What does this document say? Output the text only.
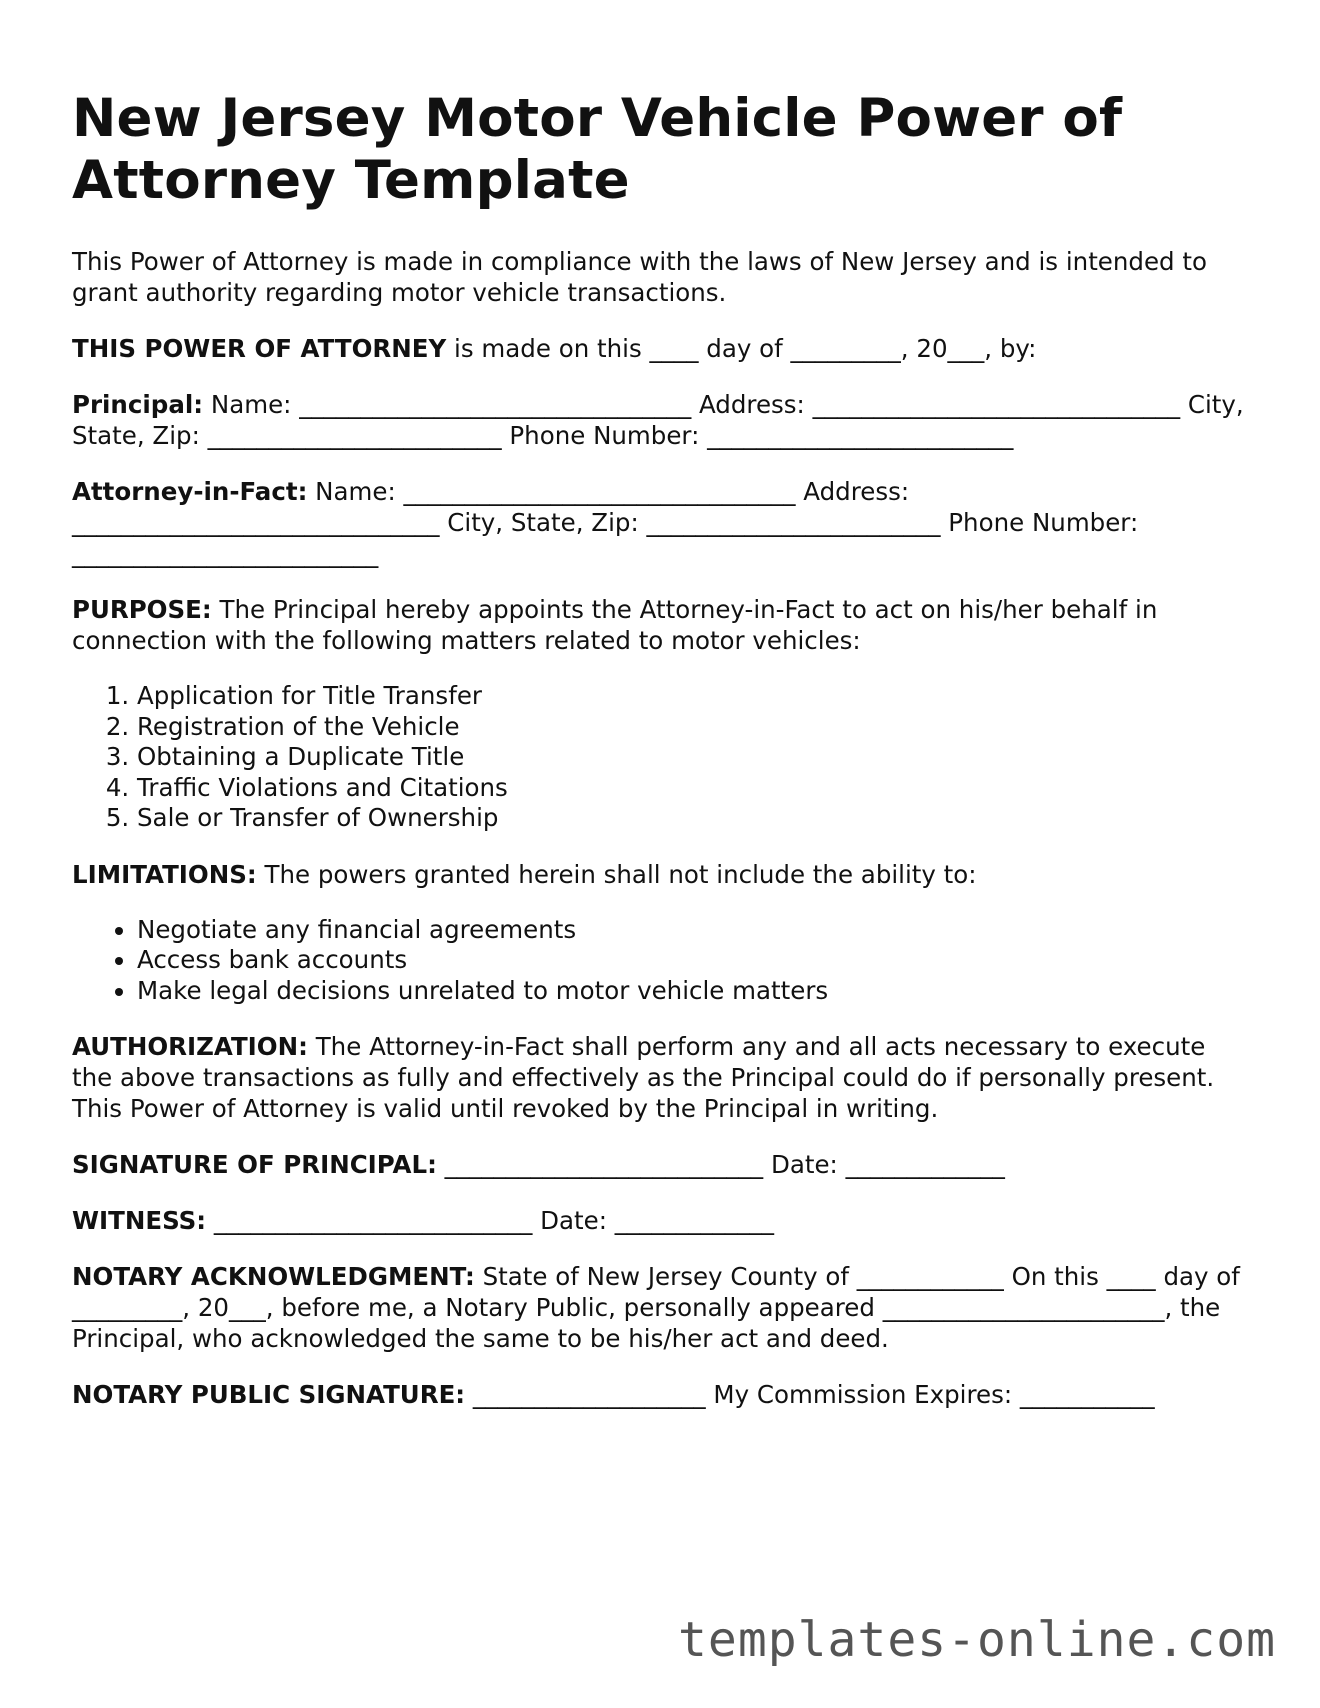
New Jersey Motor Vehicle Power of Attorney Template

This Power of Attorney is made in compliance with the laws of New Jersey and is intended to grant authority regarding motor vehicle transactions.

THIS POWER OF ATTORNEY is made on this ____ day of _________, 20___, by:

Principal: Name: ________________________________ Address: ______________________________ City, State, Zip: ________________________ Phone Number: _________________________

Attorney-in-Fact: Name: ________________________________ Address: ______________________________ City, State, Zip: ________________________ Phone Number: _________________________

PURPOSE: The Principal hereby appoints the Attorney-in-Fact to act on his/her behalf in connection with the following matters related to motor vehicles:

1. Application for Title Transfer
2. Registration of the Vehicle
3. Obtaining a Duplicate Title
4. Traffic Violations and Citations
5. Sale or Transfer of Ownership

LIMITATIONS: The powers granted herein shall not include the ability to:

• Negotiate any financial agreements
• Access bank accounts
• Make legal decisions unrelated to motor vehicle matters

AUTHORIZATION: The Attorney-in-Fact shall perform any and all acts necessary to execute the above transactions as fully and effectively as the Principal could do if personally present. This Power of Attorney is valid until revoked by the Principal in writing.

SIGNATURE OF PRINCIPAL: __________________________ Date: _____________

WITNESS: __________________________ Date: _____________

NOTARY ACKNOWLEDGMENT: State of New Jersey County of ____________ On this ____ day of _________, 20___, before me, a Notary Public, personally appeared _______________________, the Principal, who acknowledged the same to be his/her act and deed.

NOTARY PUBLIC SIGNATURE: ___________________ My Commission Expires: ___________

templates-online.com
